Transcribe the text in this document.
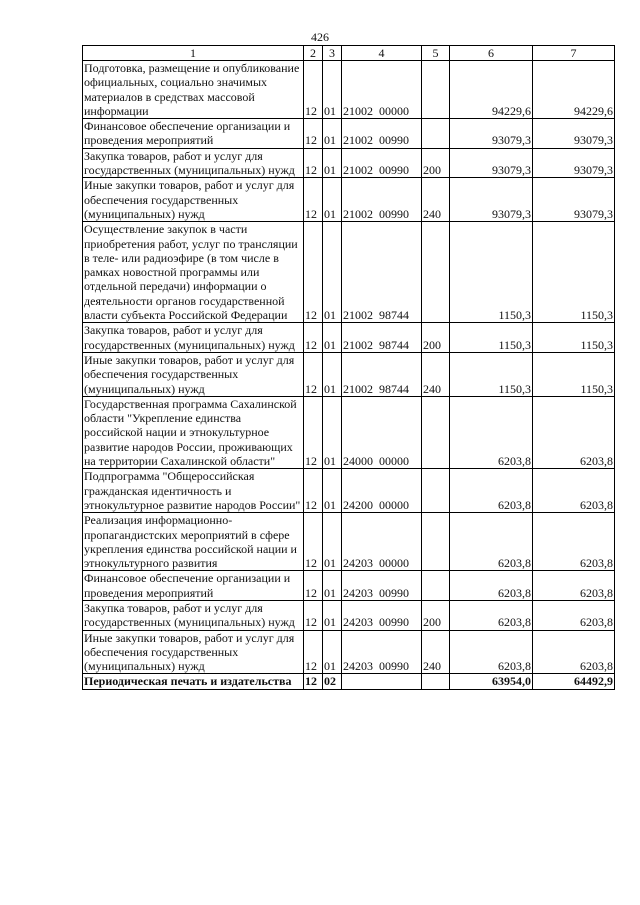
426
1	2	3	4	5	6	7
Подготовка, размещение и опубликование официальных, социально значимых материалов в средствах массовой информации	12	01	21002  00000		94229,6	94229,6
Финансовое обеспечение организации и проведения мероприятий	12	01	21002  00990		93079,3	93079,3
Закупка товаров, работ и услуг для государственных (муниципальных) нужд	12	01	21002  00990	200	93079,3	93079,3
Иные закупки товаров, работ и услуг для обеспечения государственных (муниципальных) нужд	12	01	21002  00990	240	93079,3	93079,3
Осуществление закупок в части приобретения работ, услуг по трансляции в теле- или радиоэфире (в том числе в рамках новостной программы или отдельной передачи) информации о деятельности органов государственной власти субъекта Российской Федерации	12	01	21002  98744		1150,3	1150,3
Закупка товаров, работ и услуг для государственных (муниципальных) нужд	12	01	21002  98744	200	1150,3	1150,3
Иные закупки товаров, работ и услуг для обеспечения государственных (муниципальных) нужд	12	01	21002  98744	240	1150,3	1150,3
Государственная программа Сахалинской области "Укрепление единства российской нации и этнокультурное развитие народов России, проживающих на территории Сахалинской области"	12	01	24000  00000		6203,8	6203,8
Подпрограмма "Общероссийская гражданская идентичность и этнокультурное развитие народов России"	12	01	24200  00000		6203,8	6203,8
Реализация информационно-пропагандистских мероприятий в сфере укрепления единства российской нации и этнокультурного развития	12	01	24203  00000		6203,8	6203,8
Финансовое обеспечение организации и проведения мероприятий	12	01	24203  00990		6203,8	6203,8
Закупка товаров, работ и услуг для государственных (муниципальных) нужд	12	01	24203  00990	200	6203,8	6203,8
Иные закупки товаров, работ и услуг для обеспечения государственных (муниципальных) нужд	12	01	24203  00990	240	6203,8	6203,8
Периодическая печать и издательства	12	02			63954,0	64492,9
